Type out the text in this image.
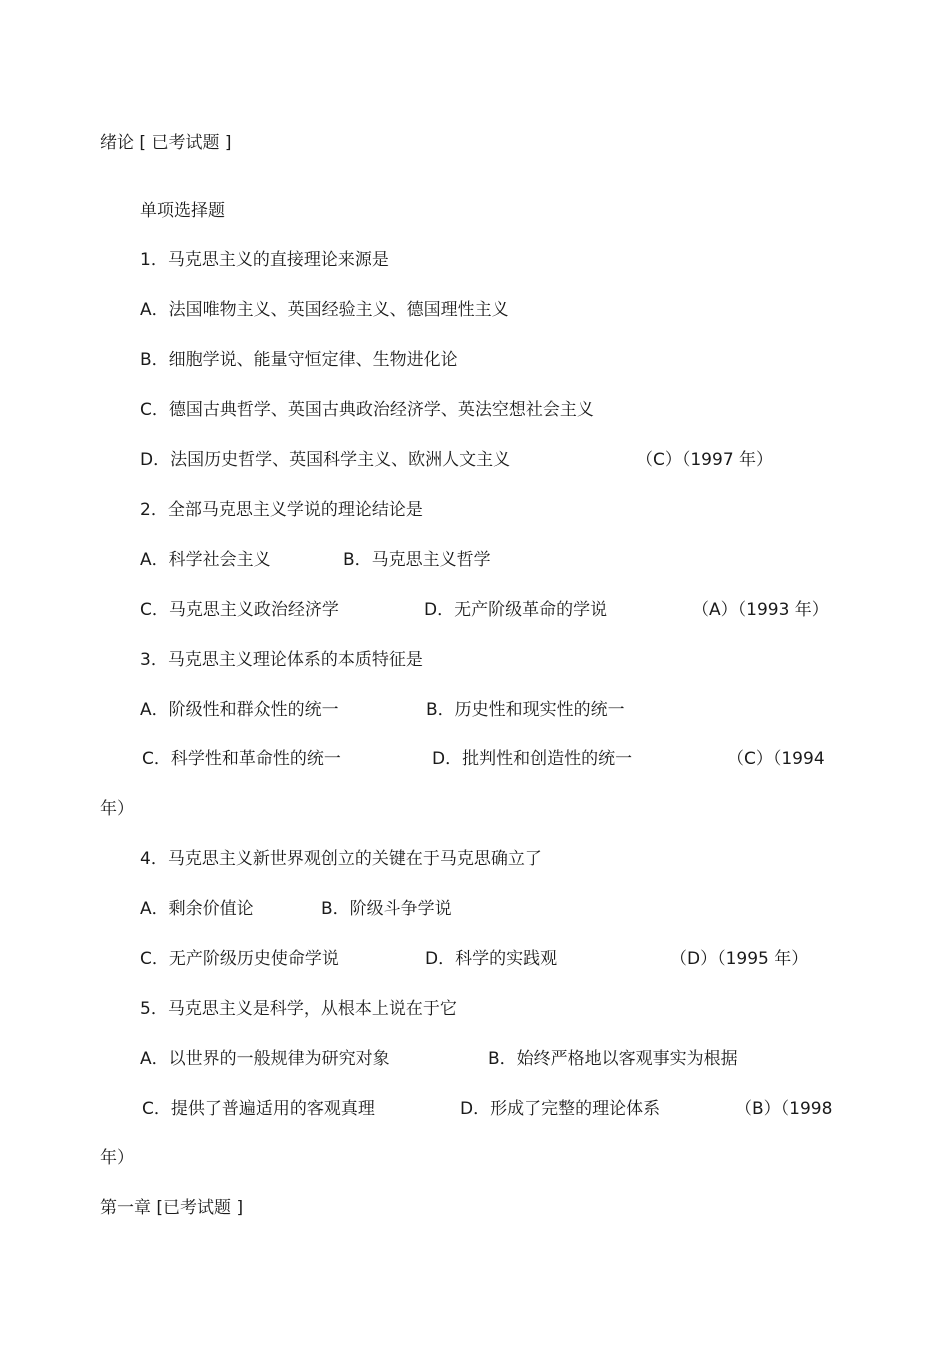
绪论 [ 已考试题 ]
单项选择题
1．马克思主义的直接理论来源是
A．法国唯物主义、英国经验主义、德国理性主义
B．细胞学说、能量守恒定律、生物进化论
C．德国古典哲学、英国古典政治经济学、英法空想社会主义
D．法国历史哲学、英国科学主义、欧洲人文主义	（C）（1997 年）
2．全部马克思主义学说的理论结论是
A．科学社会主义	B．马克思主义哲学
C．马克思主义政治经济学	D．无产阶级革命的学说	（A）（1993 年）
3．马克思主义理论体系的本质特征是
A．阶级性和群众性的统一	B．历史性和现实性的统一
C．科学性和革命性的统一	D．批判性和创造性的统一	（C）（1994
年）
4．马克思主义新世界观创立的关键在于马克思确立了
A．剩余价值论	B．阶级斗争学说
C．无产阶级历史使命学说	D．科学的实践观	（D）（1995 年）
5．马克思主义是科学，从根本上说在于它
A．以世界的一般规律为研究对象	B．始终严格地以客观事实为根据
C．提供了普遍适用的客观真理	D．形成了完整的理论体系	（B）（1998
年）
第一章 [已考试题 ]
